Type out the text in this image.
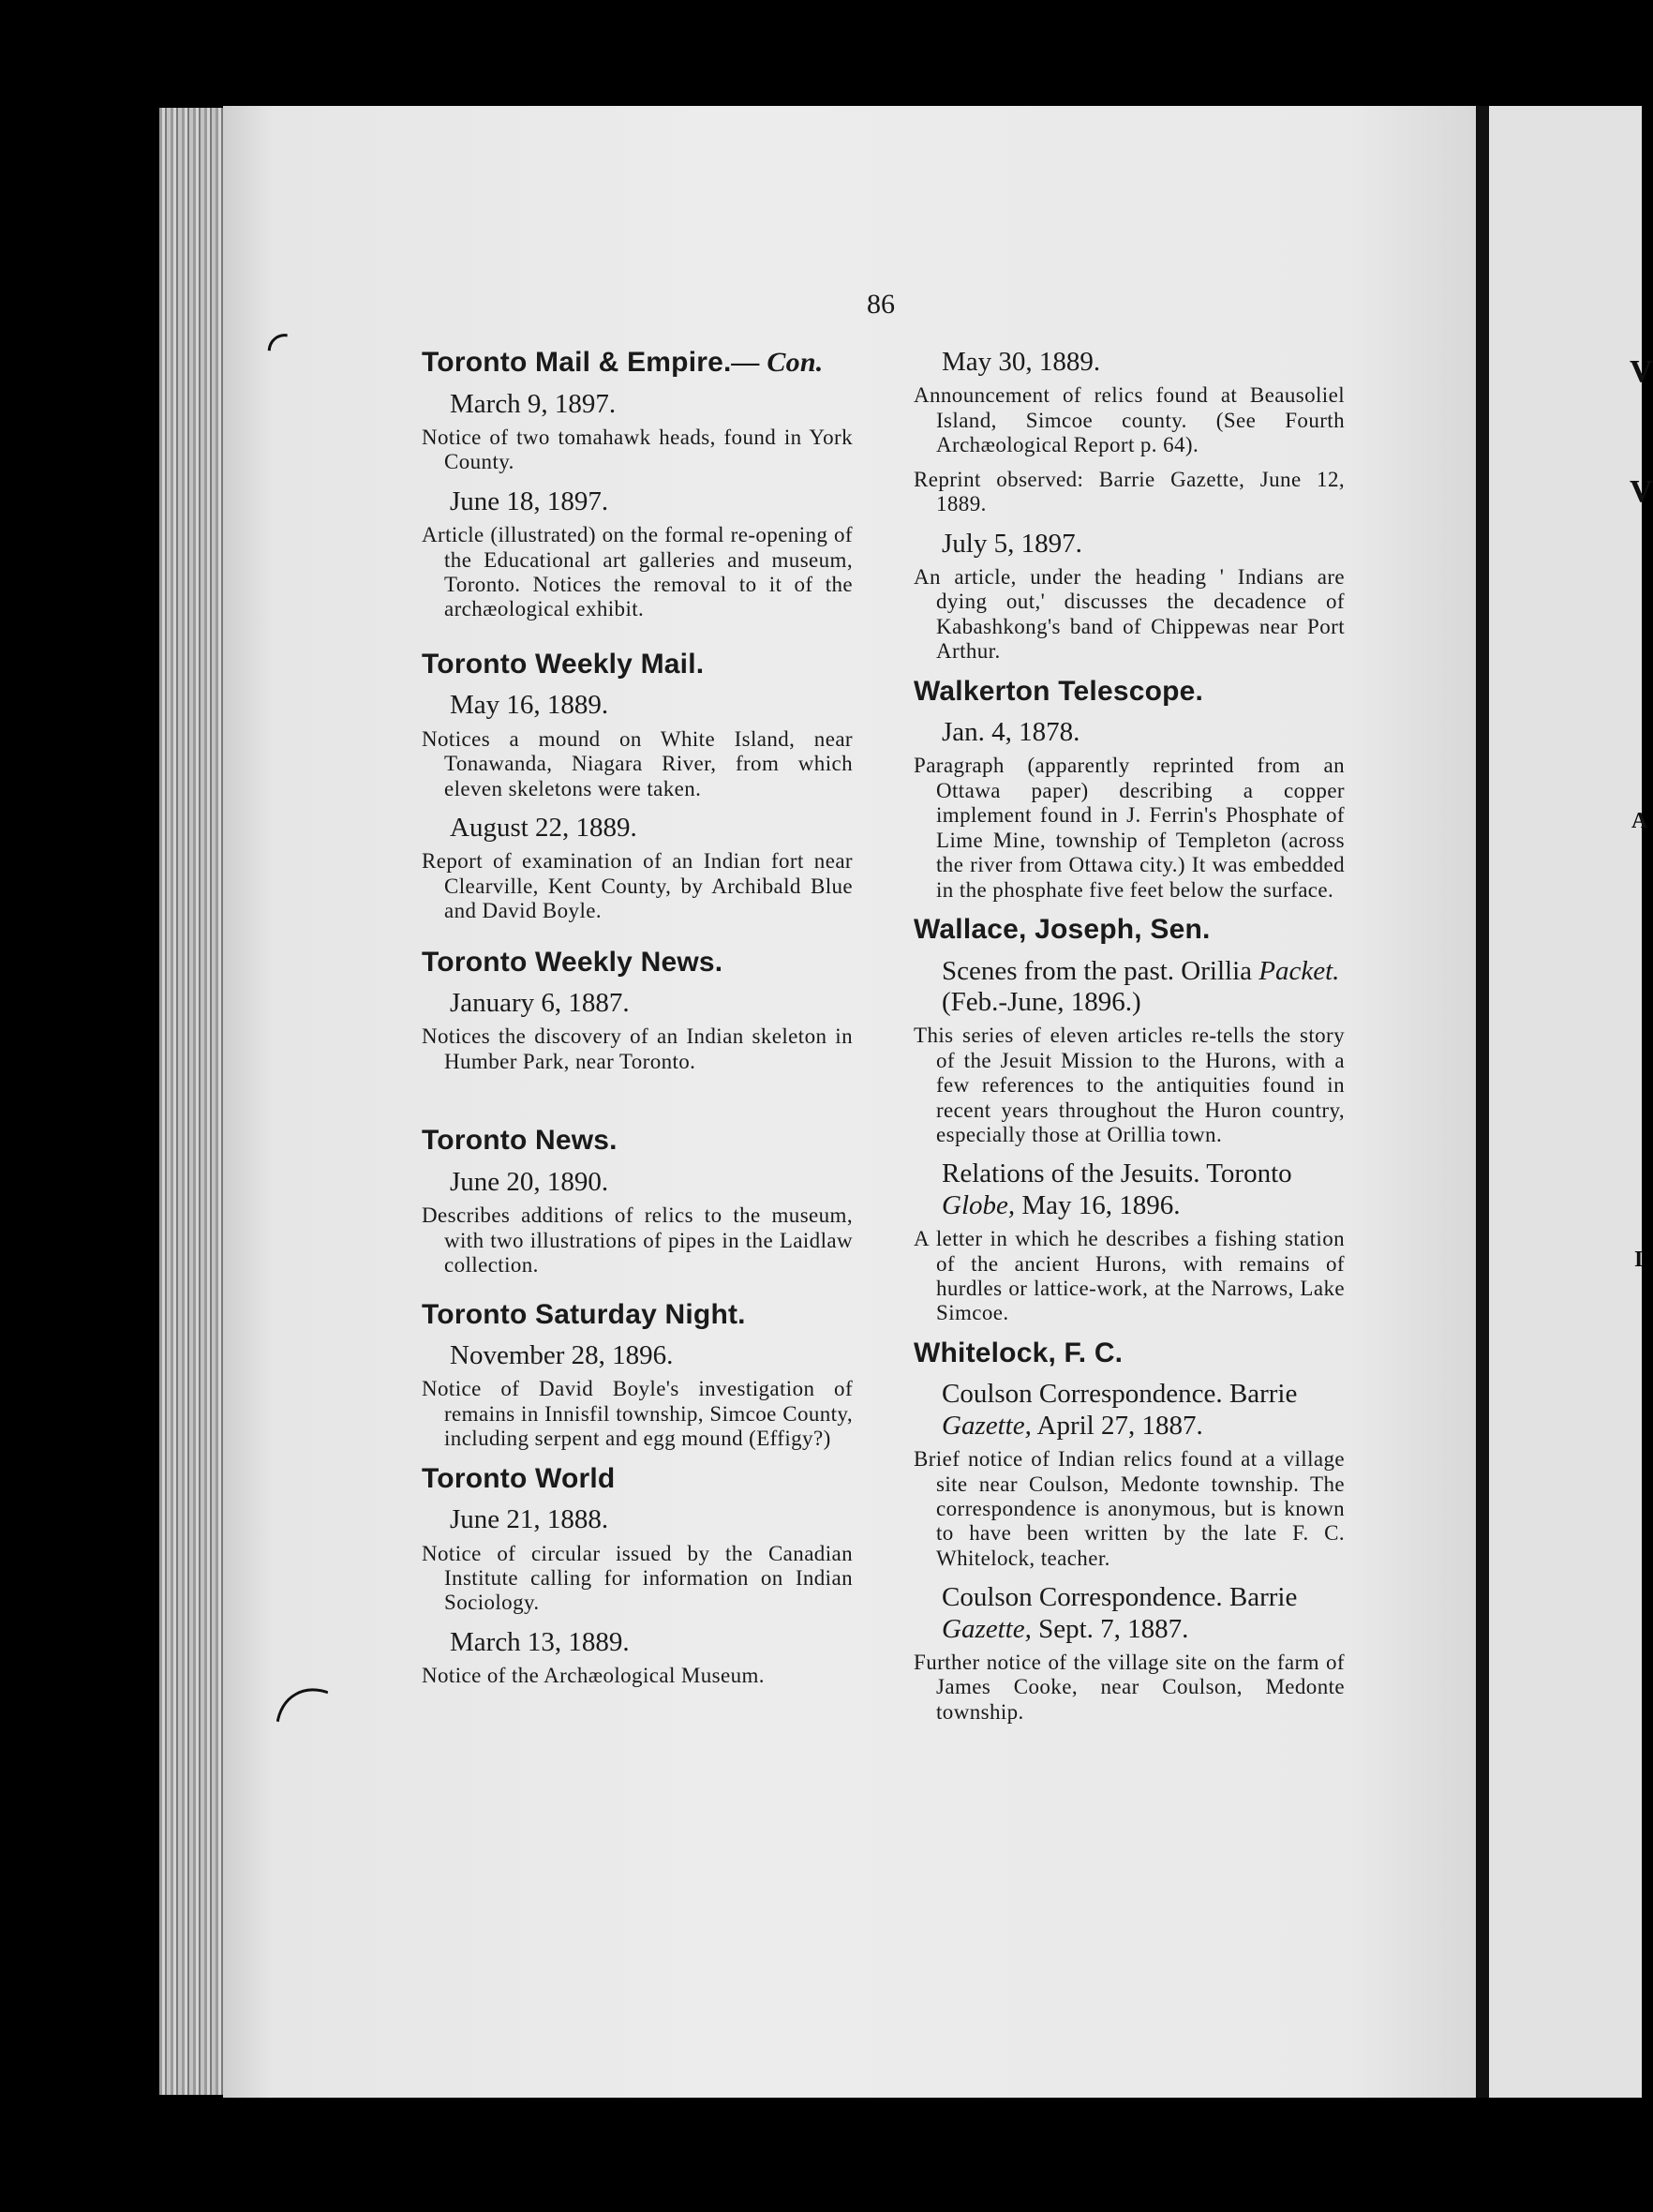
V
V
A
I
86
Toronto Mail & Empire.— Con.
March 9, 1897.
Notice of two tomahawk heads, found in York County.
June 18, 1897.
Article (illustrated) on the formal re-opening of the Educational art galleries and museum, Toronto. Notices the removal to it of the archæological exhibit.
Toronto Weekly Mail.
May 16, 1889.
Notices a mound on White Island, near Tonawanda, Niagara River, from which eleven skeletons were taken.
August 22, 1889.
Report of examination of an Indian fort near Clearville, Kent County, by Archibald Blue and David Boyle.
Toronto Weekly News.
January 6, 1887.
Notices the discovery of an Indian skeleton in Humber Park, near Toronto.
Toronto News.
June 20, 1890.
Describes additions of relics to the museum, with two illustrations of pipes in the Laidlaw collection.
Toronto Saturday Night.
November 28, 1896.
Notice of David Boyle's investigation of remains in Innisfil township, Simcoe County, including serpent and egg mound (Effigy?)
Toronto World
June 21, 1888.
Notice of circular issued by the Canadian Institute calling for information on Indian Sociology.
March 13, 1889.
Notice of the Archæological Museum.
May 30, 1889.
Announcement of relics found at Beausoliel Island, Simcoe county. (See Fourth Archæological Report p. 64).
Reprint observed: Barrie Gazette, June 12, 1889.
July 5, 1897.
An article, under the heading ' Indians are dying out,' discusses the decadence of Kabashkong's band of Chippewas near Port Arthur.
Walkerton Telescope.
Jan. 4, 1878.
Paragraph (apparently reprinted from an Ottawa paper) describing a copper implement found in J. Ferrin's Phosphate of Lime Mine, township of Templeton (across the river from Ottawa city.) It was embedded in the phosphate five feet below the surface.
Wallace, Joseph, Sen.
Scenes from the past. Orillia Packet. (Feb.-June, 1896.)
This series of eleven articles re-tells the story of the Jesuit Mission to the Hurons, with a few references to the antiquities found in recent years throughout the Huron country, especially those at Orillia town.
Relations of the Jesuits. Toronto Globe, May 16, 1896.
A letter in which he describes a fishing station of the ancient Hurons, with remains of hurdles or lattice-work, at the Narrows, Lake Simcoe.
Whitelock, F. C.
Coulson Correspondence. Barrie Gazette, April 27, 1887.
Brief notice of Indian relics found at a village site near Coulson, Medonte township. The correspondence is anonymous, but is known to have been written by the late F. C. Whitelock, teacher.
Coulson Correspondence. Barrie Gazette, Sept. 7, 1887.
Further notice of the village site on the farm of James Cooke, near Coulson, Medonte township.
